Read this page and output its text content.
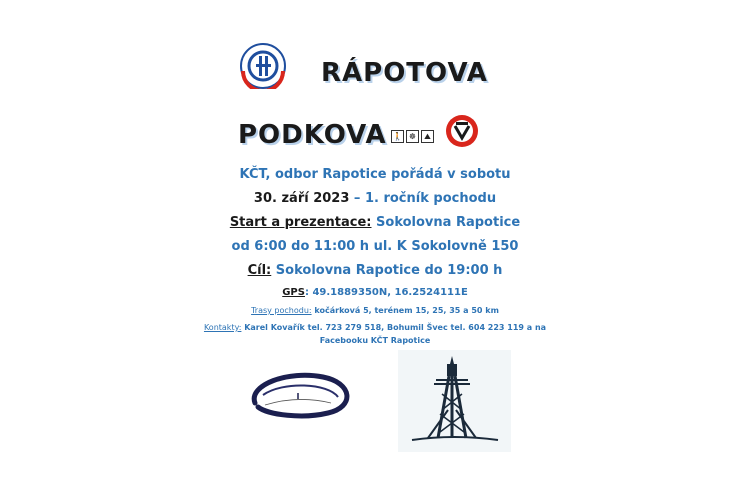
RÁPOTOVA
PODKOVA 🚶 ☸	⛰
KČT, odbor Rapotice pořádá v sobotu
30. září 2023 – 1. ročník pochodu
Start a prezentace: Sokolovna Rapotice
od 6:00 do 11:00 h ul. K Sokolovně 150
Cíl: Sokolovna Rapotice do 19:00 h
GPS: 49.1889350N, 16.2524111E
Trasy pochodu: kočárková 5, terénem 15, 25, 35 a 50 km
Kontakty: Karel Kovařík tel. 723 279 518, Bohumil Švec tel. 604 223 119 a na
Facebooku KČT Rapotice
